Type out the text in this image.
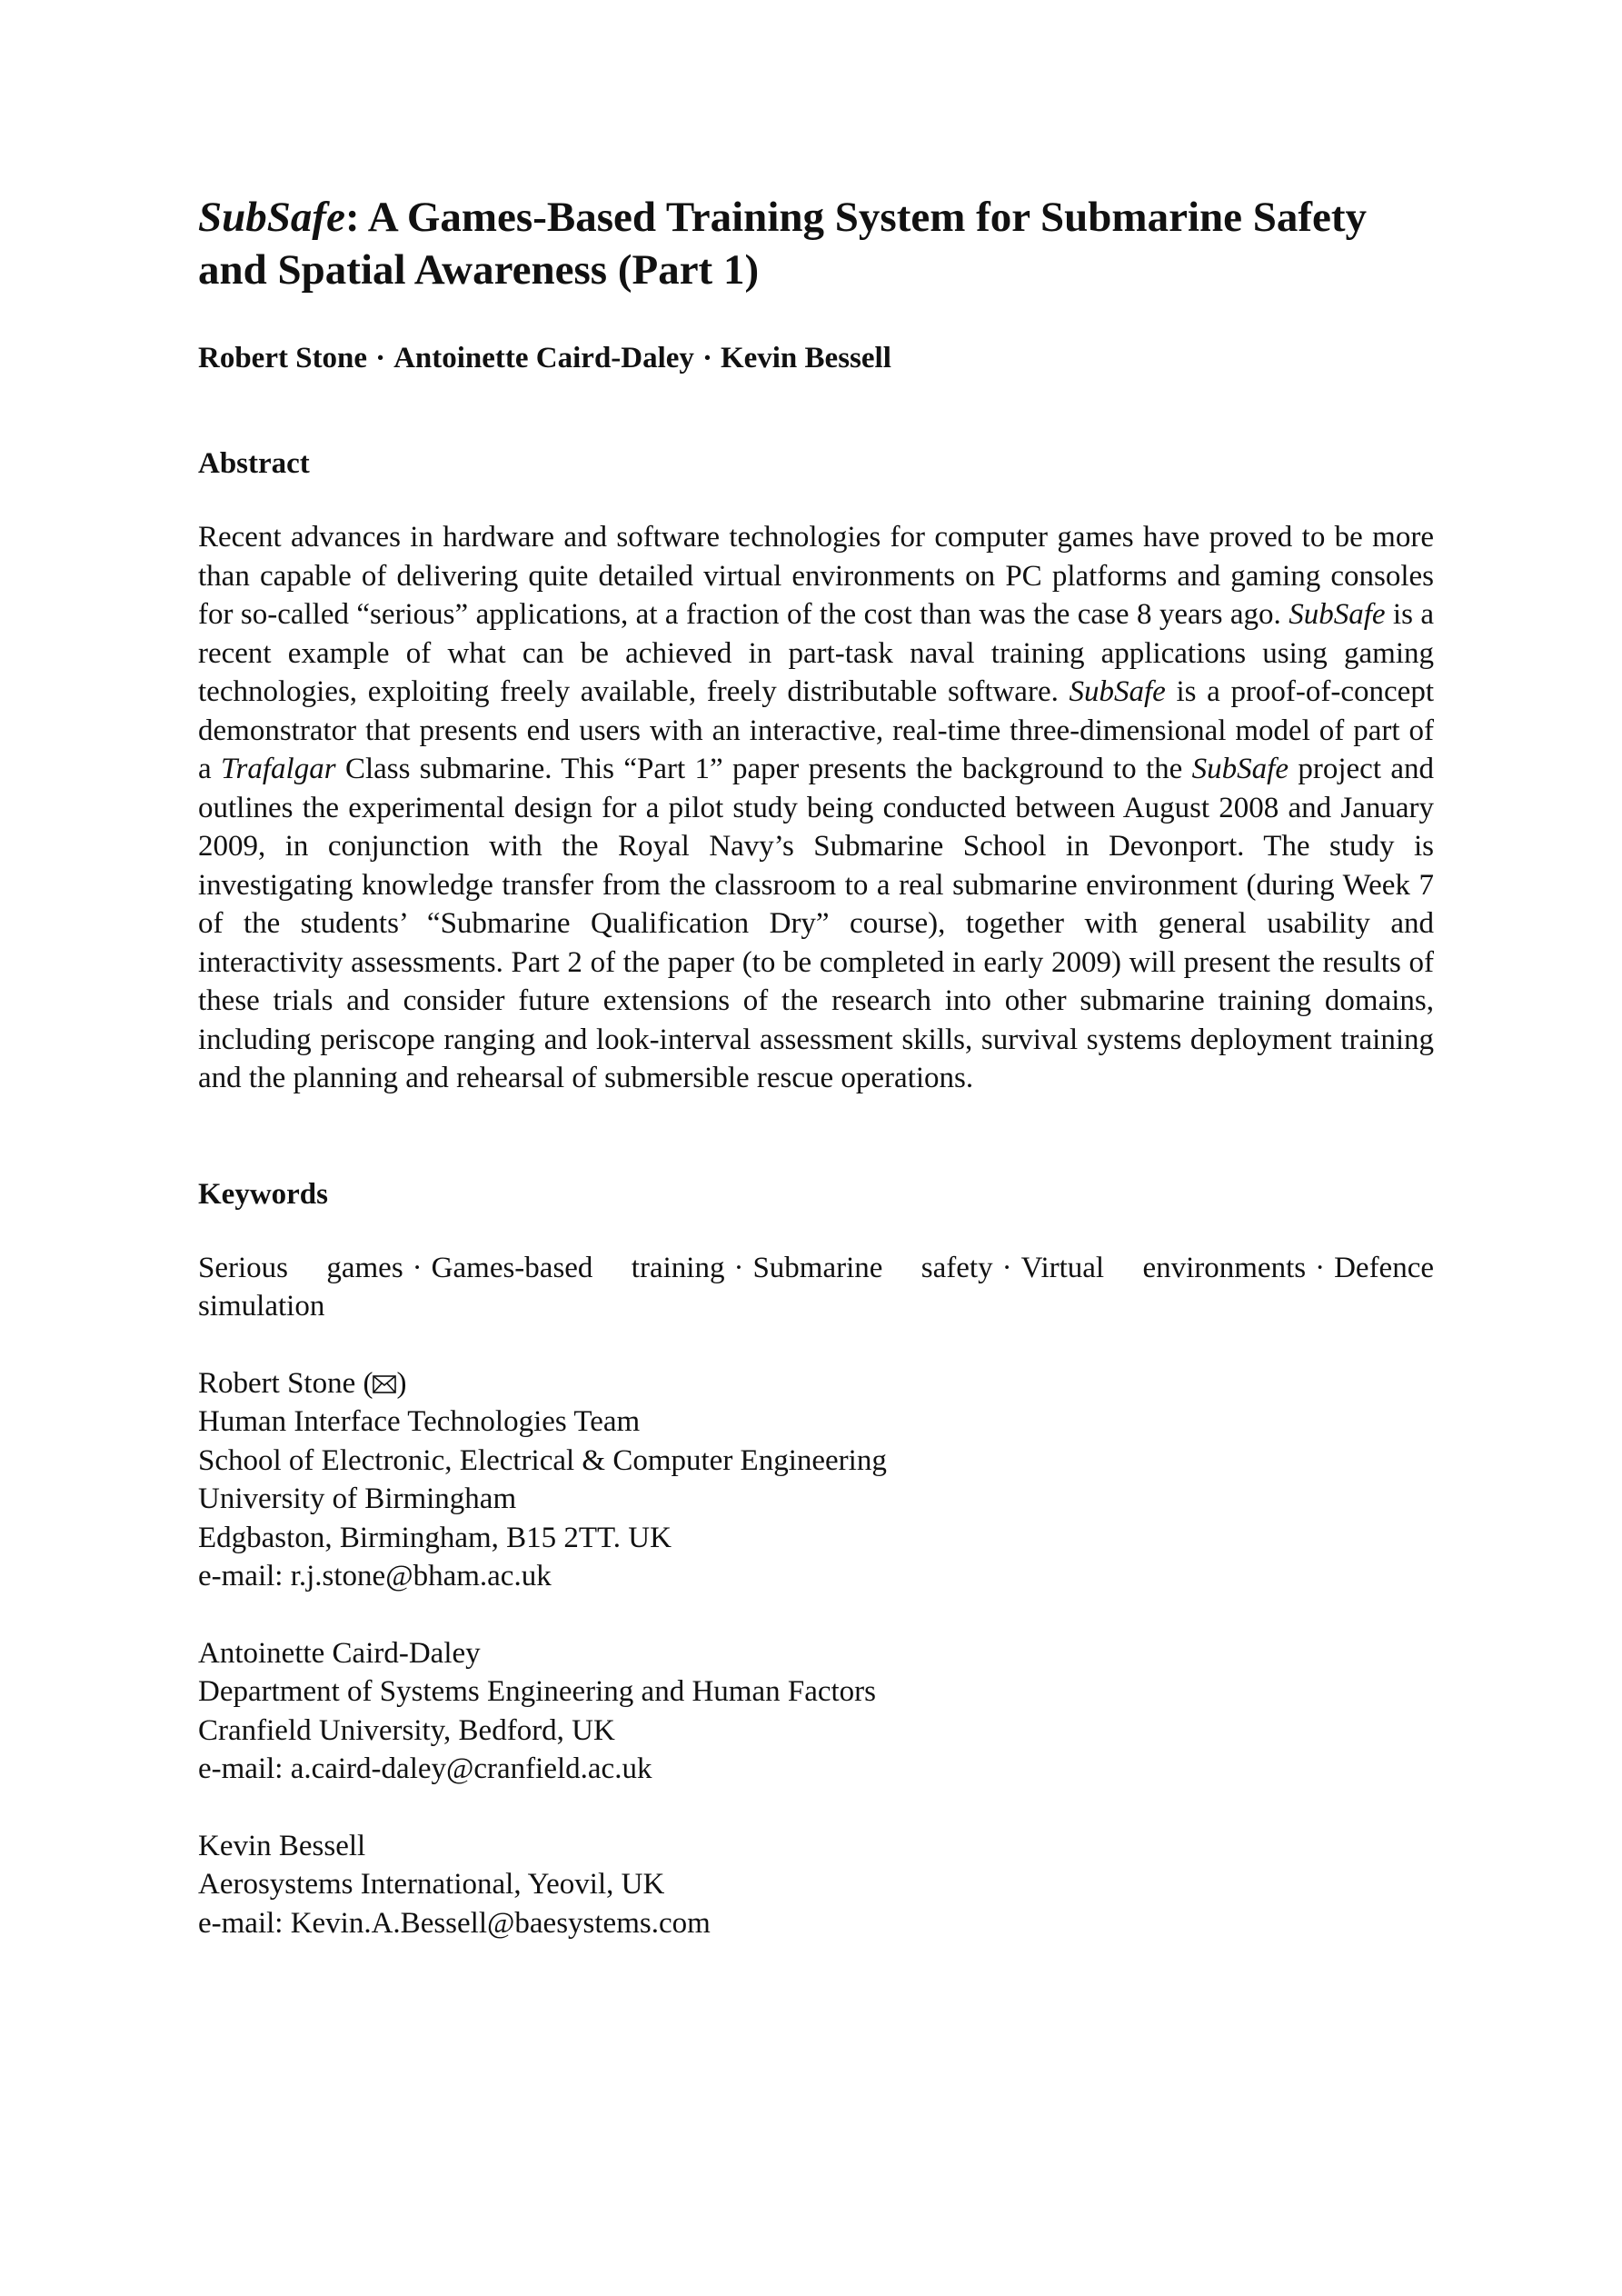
SubSafe: A Games-Based Training System for Submarine Safety and Spatial Awareness (Part 1)
Robert Stone · Antoinette Caird-Daley · Kevin Bessell
Abstract

Recent advances in hardware and software technologies for computer games have proved to be more than capable of delivering quite detailed virtual environments on PC platforms and gaming consoles for so-called “serious” applications, at a fraction of the cost than was the case 8 years ago. SubSafe is a recent example of what can be achieved in part-task naval training applications using gaming technologies, exploiting freely available, freely distributable software. SubSafe is a proof-of-concept demonstrator that presents end users with an interactive, real-time three-dimensional model of part of a Trafalgar Class submarine. This “Part 1” paper presents the background to the SubSafe project and outlines the experimental design for a pilot study being conducted between August 2008 and January 2009, in conjunction with the Royal Navy’s Submarine School in Devonport. The study is investigating knowledge transfer from the classroom to a real submarine environment (during Week 7 of the students’ “Submarine Qualification Dry” course), together with general usability and interactivity assessments. Part 2 of the paper (to be completed in early 2009) will present the results of these trials and consider future extensions of the research into other submarine training domains, including periscope ranging and look-interval assessment skills, survival systems deployment training and the planning and rehearsal of submersible rescue operations.

Keywords
Serious games · Games-based training · Submarine safety · Virtual environments · Defence simulation
Robert Stone ( )
Human Interface Technologies Team
School of Electronic, Electrical & Computer Engineering
University of Birmingham
Edgbaston, Birmingham, B15 2TT. UK
e-mail: r.j.stone@bham.ac.uk
Antoinette Caird-Daley
Department of Systems Engineering and Human Factors
Cranfield University, Bedford, UK
e-mail: a.caird-daley@cranfield.ac.uk
Kevin Bessell
Aerosystems International, Yeovil, UK
e-mail: Kevin.A.Bessell@baesystems.com
